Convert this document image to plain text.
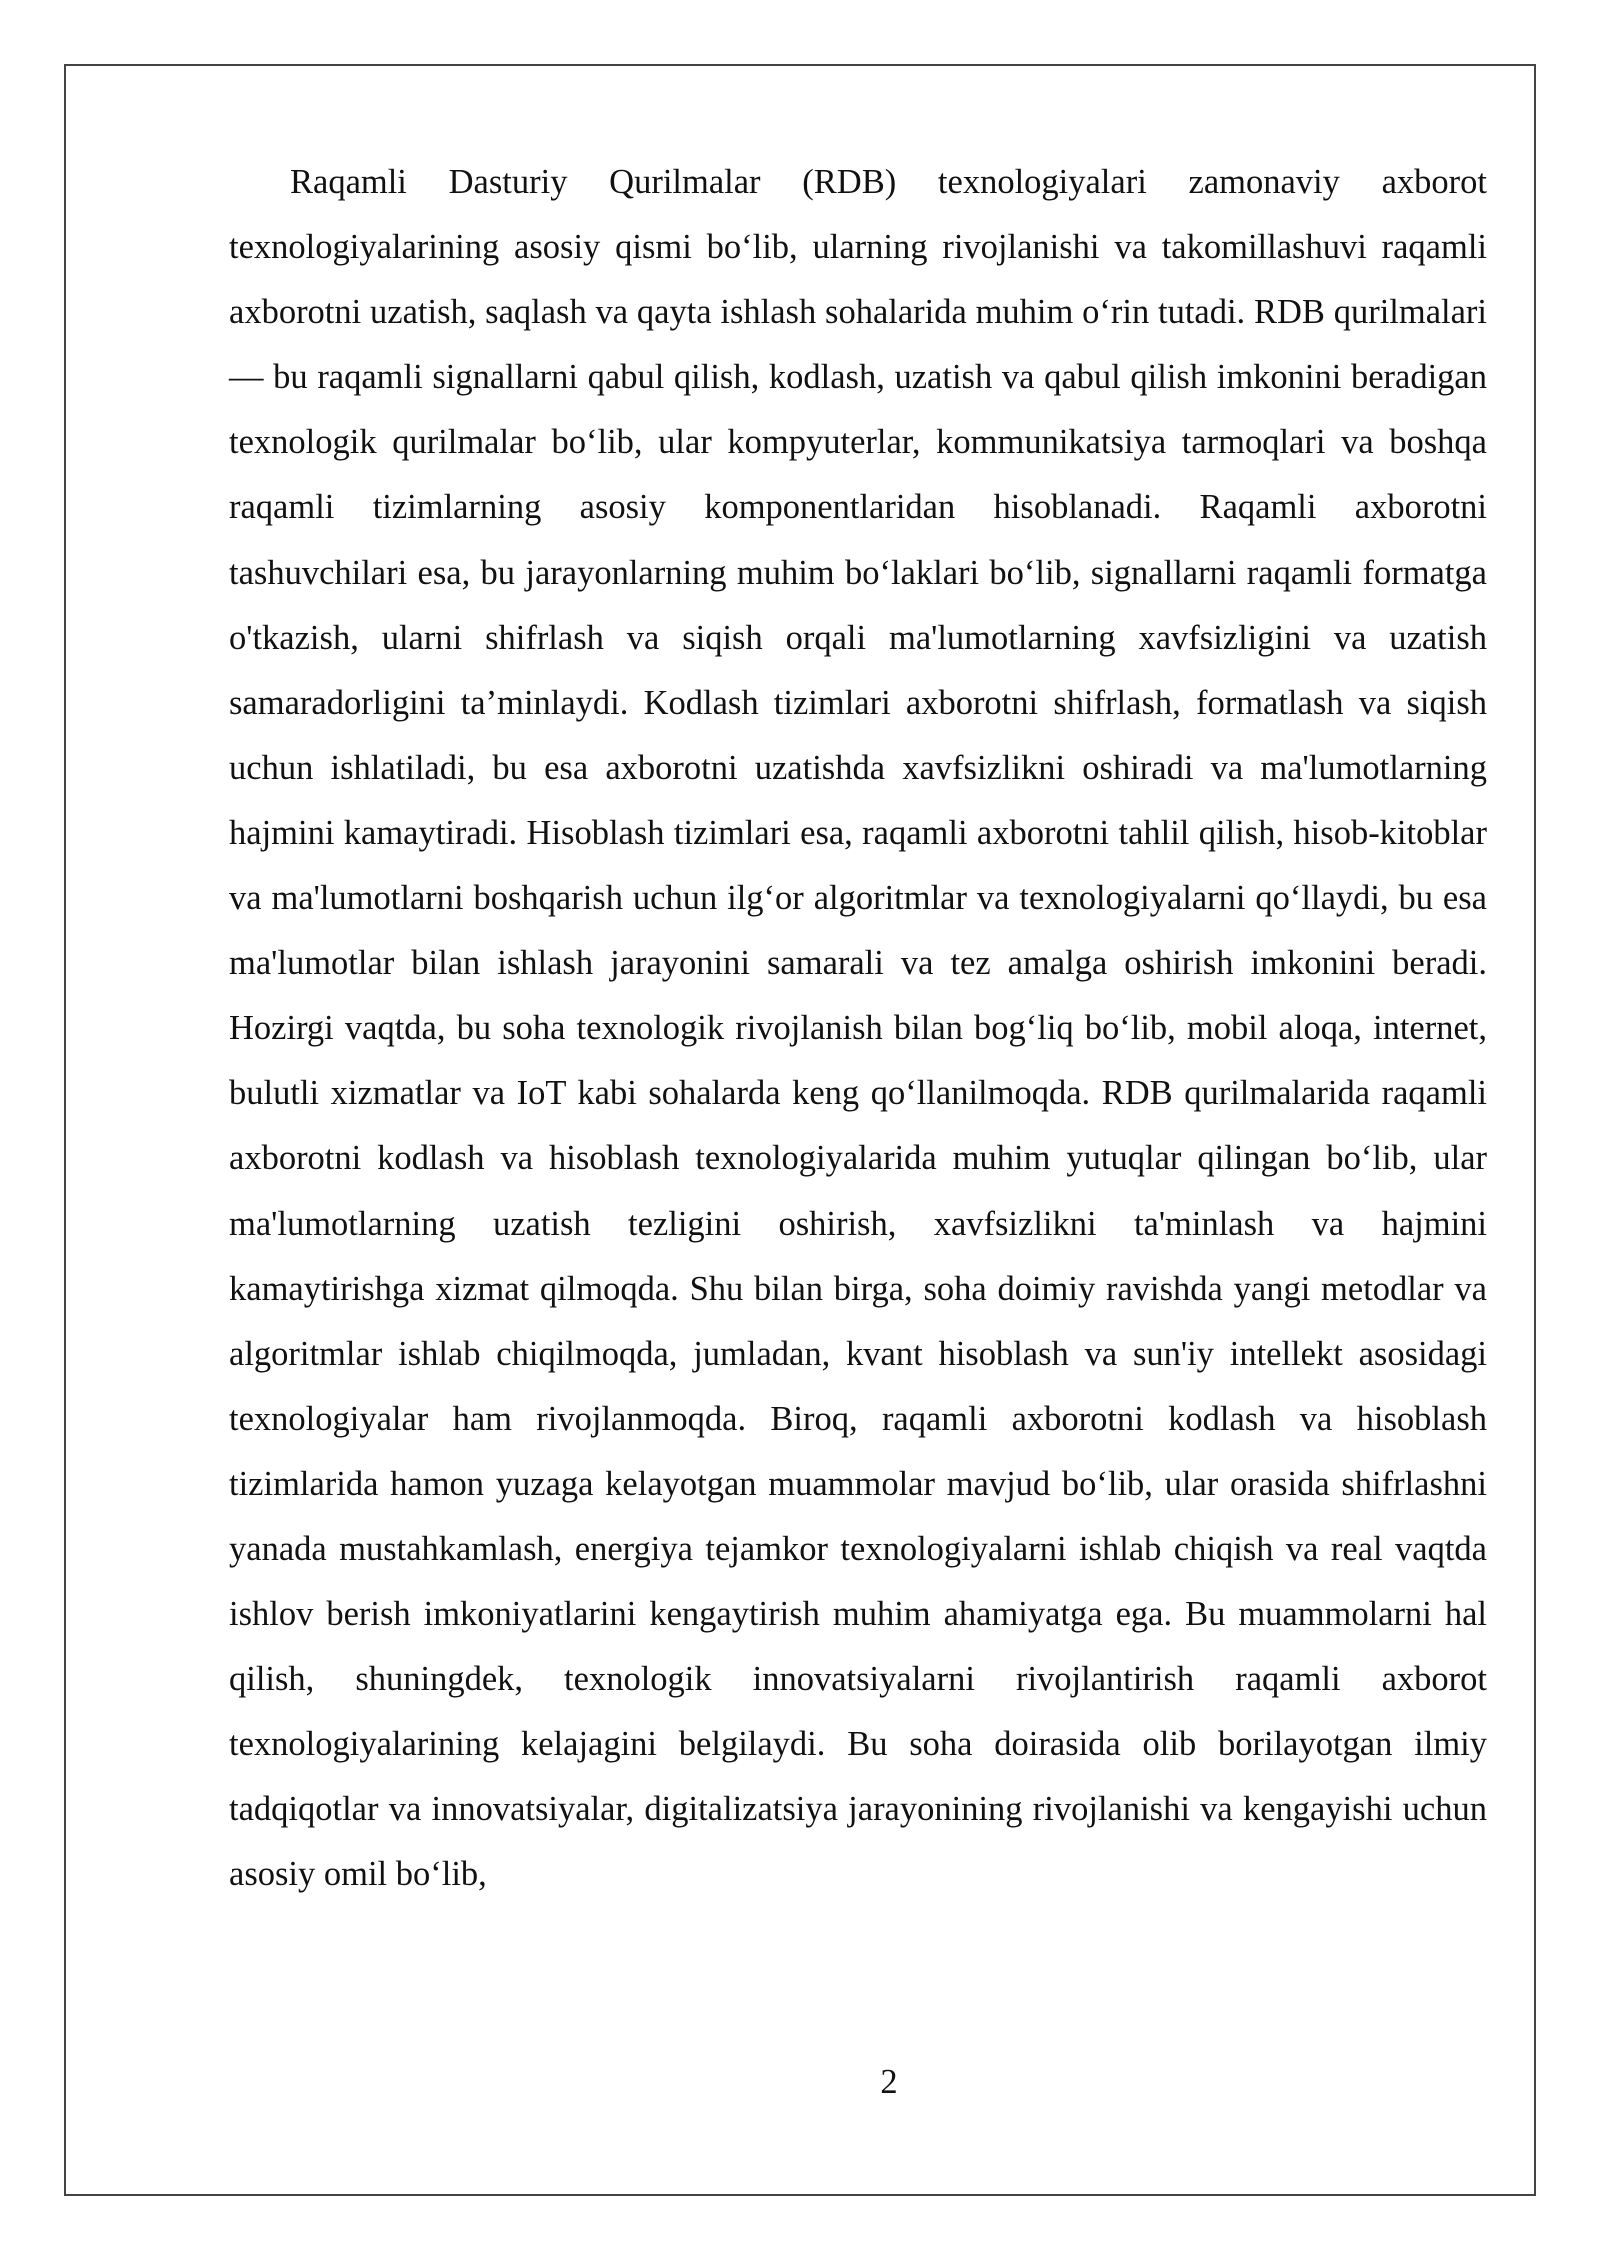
Raqamli Dasturiy Qurilmalar (RDB) texnologiyalari zamonaviy axborot texnologiyalarining asosiy qismi bo‘lib, ularning rivojlanishi va takomillashuvi raqamli axborotni uzatish, saqlash va qayta ishlash sohalarida muhim o‘rin tutadi. RDB qurilmalari — bu raqamli signallarni qabul qilish, kodlash, uzatish va qabul qilish imkonini beradigan texnologik qurilmalar bo‘lib, ular kompyuterlar, kommunikatsiya tarmoqlari va boshqa raqamli tizimlarning asosiy komponentlaridan hisoblanadi. Raqamli axborotni tashuvchilari esa, bu jarayonlarning muhim bo‘laklari bo‘lib, signallarni raqamli formatga o'tkazish, ularni shifrlash va siqish orqali ma'lumotlarning xavfsizligini va uzatish samaradorligini ta’minlaydi. Kodlash tizimlari axborotni shifrlash, formatlash va siqish uchun ishlatiladi, bu esa axborotni uzatishda xavfsizlikni oshiradi va ma'lumotlarning hajmini kamaytiradi. Hisoblash tizimlari esa, raqamli axborotni tahlil qilish, hisob-kitoblar va ma'lumotlarni boshqarish uchun ilg‘or algoritmlar va texnologiyalarni qo‘llaydi, bu esa ma'lumotlar bilan ishlash jarayonini samarali va tez amalga oshirish imkonini beradi. Hozirgi vaqtda, bu soha texnologik rivojlanish bilan bog‘liq bo‘lib, mobil aloqa, internet, bulutli xizmatlar va IoT kabi sohalarda keng qo‘llanilmoqda. RDB qurilmalarida raqamli axborotni kodlash va hisoblash texnologiyalarida muhim yutuqlar qilingan bo‘lib, ular ma'lumotlarning uzatish tezligini oshirish, xavfsizlikni ta'minlash va hajmini kamaytirishga xizmat qilmoqda. Shu bilan birga, soha doimiy ravishda yangi metodlar va algoritmlar ishlab chiqilmoqda, jumladan, kvant hisoblash va sun'iy intellekt asosidagi texnologiyalar ham rivojlanmoqda. Biroq, raqamli axborotni kodlash va hisoblash tizimlarida hamon yuzaga kelayotgan muammolar mavjud bo‘lib, ular orasida shifrlashni yanada mustahkamlash, energiya tejamkor texnologiyalarni ishlab chiqish va real vaqtda ishlov berish imkoniyatlarini kengaytirish muhim ahamiyatga ega. Bu muammolarni hal qilish, shuningdek, texnologik innovatsiyalarni rivojlantirish raqamli axborot texnologiyalarining kelajagini belgilaydi. Bu soha doirasida olib borilayotgan ilmiy tadqiqotlar va innovatsiyalar, digitalizatsiya jarayonining rivojlanishi va kengayishi uchun asosiy omil bo‘lib,

2
